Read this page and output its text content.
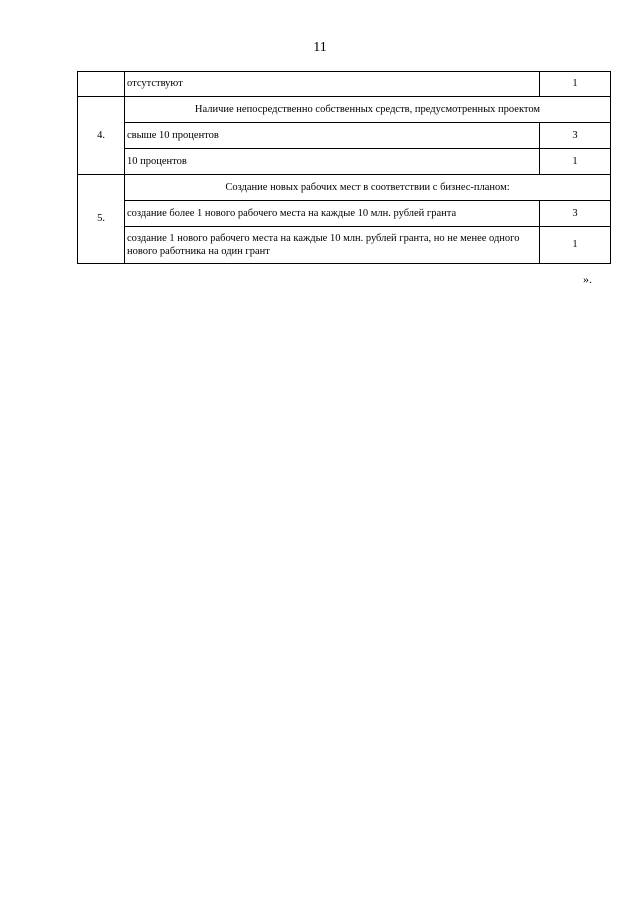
11
	отсутствуют	1
4.	Наличие непосредственно собственных средств, предусмотренных проектом	
	свыше 10 процентов	3
	10 процентов	1
5.	Создание новых рабочих мест в соответствии с бизнес-планом:	
	создание более 1 нового рабочего места на каждые 10 млн. рублей гранта	3
	создание 1 нового рабочего места на каждые 10 млн. рублей гранта, но не менее одного нового работника на один грант	1
».
